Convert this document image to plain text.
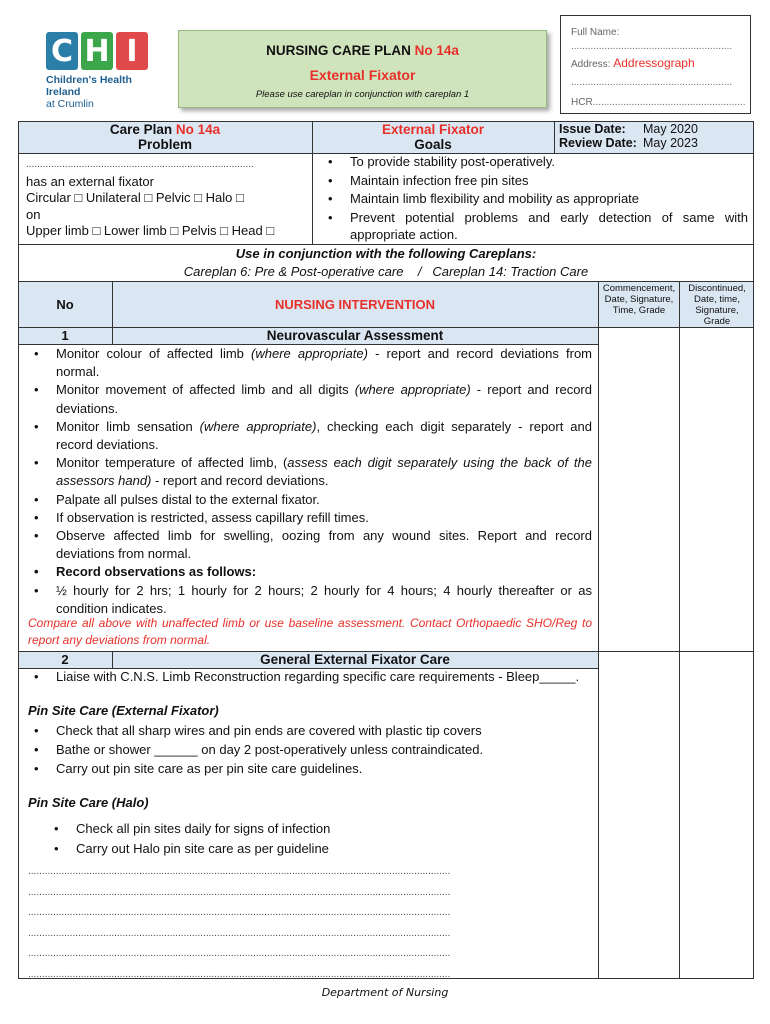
C H I
Children's Health Ireland
at Crumlin
NURSING CARE PLAN No 14a
External Fixator
Please use careplan in conjunction with careplan 1
Full Name:
..........................................................
Address: Addressograph
..........................................................
HCR.......................................................
Care Plan No 14a
Problem
External Fixator
Goals
Issue Date: May 2020
Review Date: May 2023
..................................................................................
has an external fixator
Circular □ Unilateral □ Pelvic □ Halo □
on
Upper limb □ Lower limb □ Pelvis □ Head □
• To provide stability post-operatively.
• Maintain infection free pin sites
• Maintain limb flexibility and mobility as appropriate
• Prevent potential problems and early detection of same with appropriate action.
Use in conjunction with the following Careplans:
Careplan 6: Pre & Post-operative care    /   Careplan 14: Traction Care
No	NURSING INTERVENTION
Commencement, Date, Signature, Time, Grade
Discontinued, Date, time, Signature, Grade
1	Neurovascular Assessment
• Monitor colour of affected limb (where appropriate) - report and record deviations from normal.
• Monitor movement of affected limb and all digits (where appropriate) - report and record deviations.
• Monitor limb sensation (where appropriate), checking each digit separately - report and record deviations.
• Monitor temperature of affected limb, (assess each digit separately using the back of the assessors hand) - report and record deviations.
• Palpate all pulses distal to the external fixator.
• If observation is restricted, assess capillary refill times.
• Observe affected limb for swelling, oozing from any wound sites. Report and record deviations from normal.
• Record observations as follows:
• ½ hourly for 2 hrs; 1 hourly for 2 hours; 2 hourly for 4 hours; 4 hourly thereafter or as condition indicates.
Compare all above with unaffected limb or use baseline assessment. Contact Orthopaedic SHO/Reg to report any deviations from normal.
2	General External Fixator Care
• Liaise with C.N.S. Limb Reconstruction regarding specific care requirements - Bleep_____.
Pin Site Care (External Fixator)
• Check that all sharp wires and pin ends are covered with plastic tip covers
• Bathe or shower ______ on day 2 post-operatively unless contraindicated.
• Carry out pin site care as per pin site care guidelines.
Pin Site Care (Halo)
• Check all pin sites daily for signs of infection
• Carry out Halo pin site care as per guideline
........................................................................................................................................................
........................................................................................................................................................
........................................................................................................................................................
........................................................................................................................................................
........................................................................................................................................................
........................................................................................................................................................
Department of Nursing
